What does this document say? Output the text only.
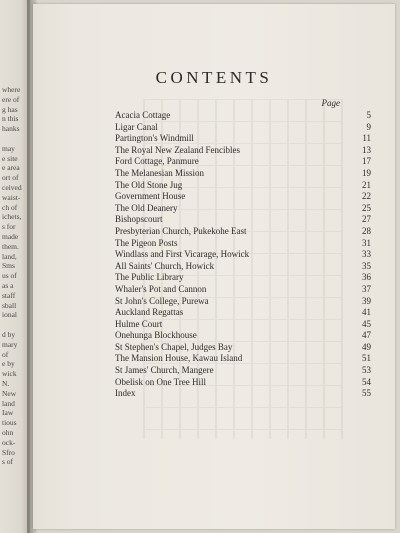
where
ere of
g has
n this
hanks
may
e site
e area
ort of
ceived
waist-
ch of
ichets,
s for
made
them.
land,
Sms
us of
as a
staff
sball
ional
d by
mary
of
e by
wick
N.
New
land
Iaw
tious
ohn
ock-
Sfro
s of
CONTENTS
Page
Acacia Cottage	5
Ligar Canal	9
Partington's Windmill	11
The Royal New Zealand Fencibles	13
Ford Cottage, Panmure	17
The Melanesian Mission	19
The Old Stone Jug	21
Government House	22
The Old Deanery	25
Bishopscourt	27
Presbyterian Church, Pukekohe East	28
The Pigeon Posts	31
Windlass and First Vicarage, Howick	33
All Saints' Church, Howick	35
The Public Library	36
Whaler's Pot and Cannon	37
St John's College, Purewa	39
Auckland Regattas	41
Hulme Court	45
Onehunga Blockhouse	47
St Stephen's Chapel, Judges Bay	49
The Mansion House, Kawau Island	51
St James' Church, Mangere	53
Obelisk on One Tree Hill	54
Index	55
